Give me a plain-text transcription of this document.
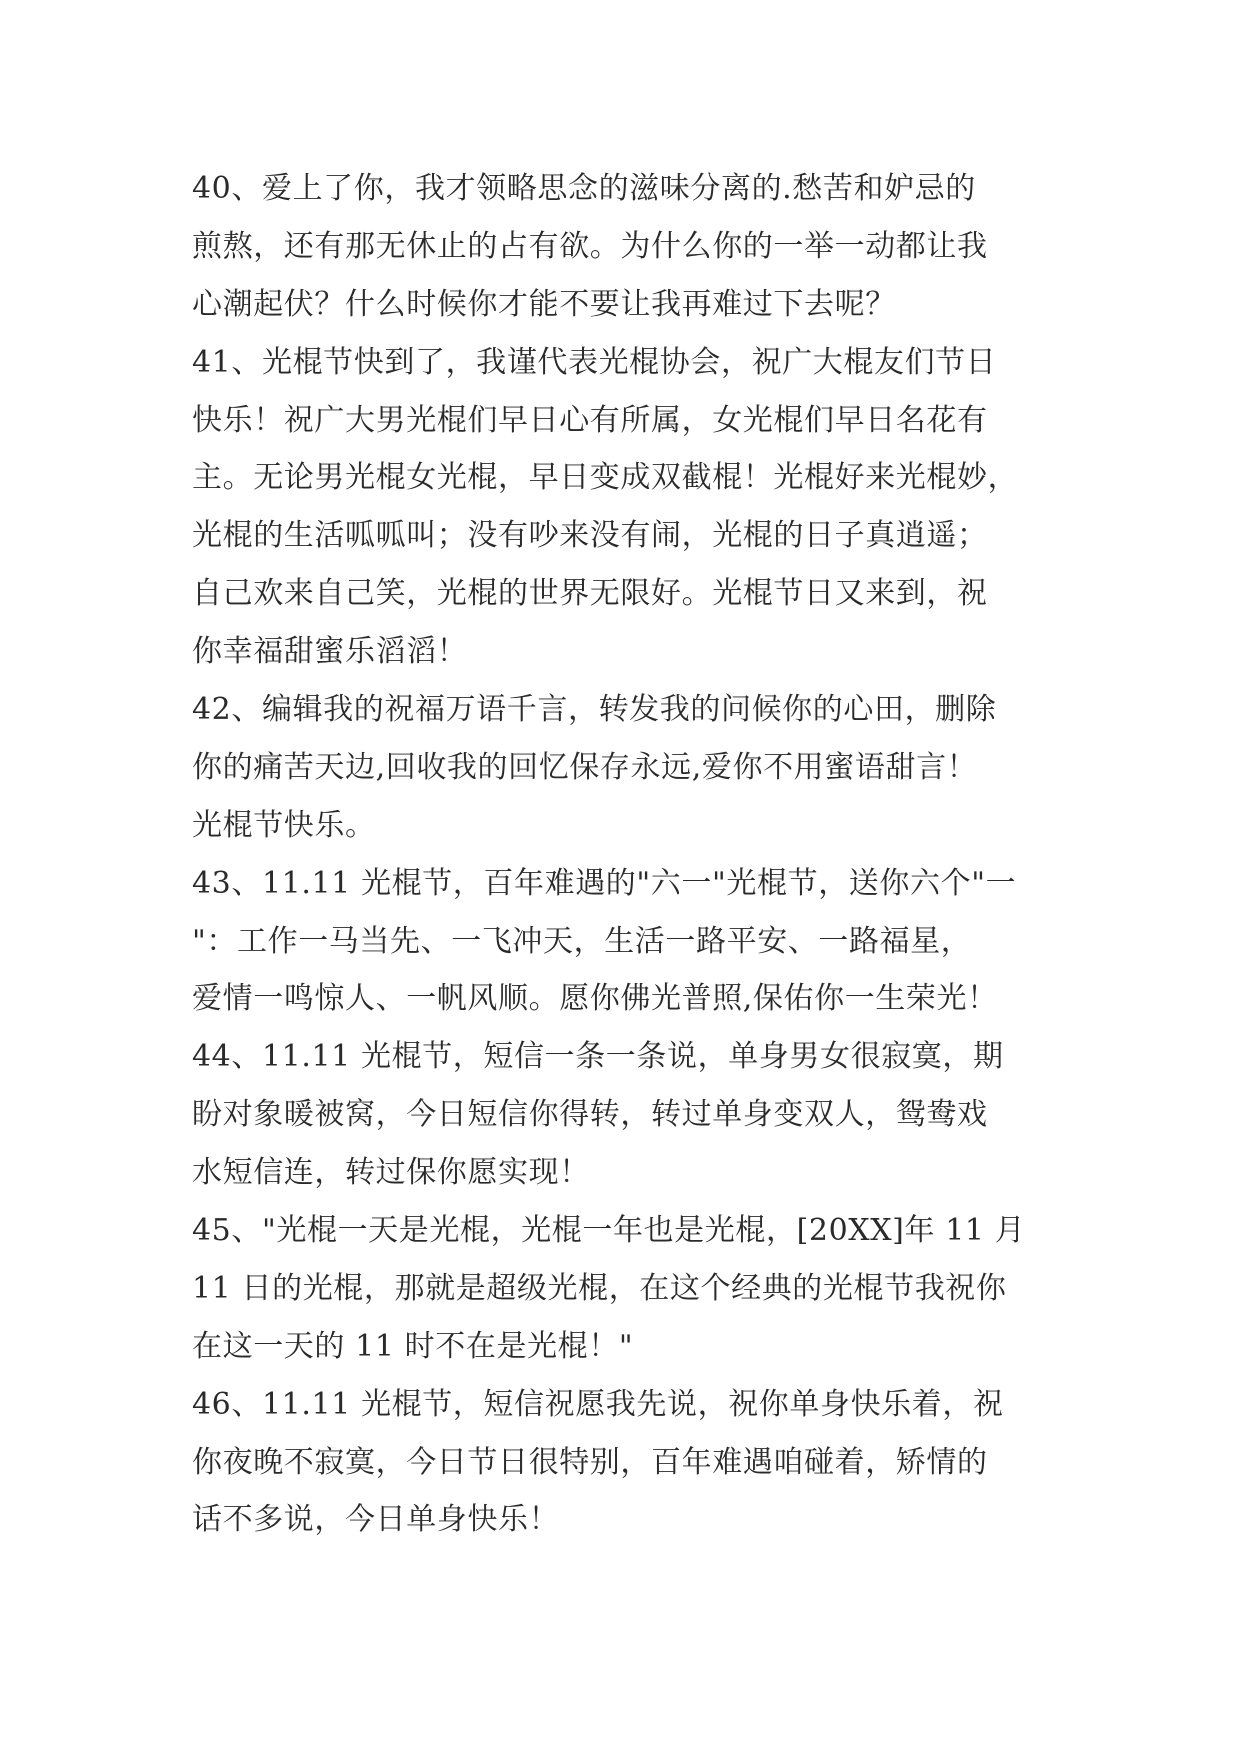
40、爱上了你，我才领略思念的滋味分离的.愁苦和妒忌的
煎熬，还有那无休止的占有欲。为什么你的一举一动都让我
心潮起伏？什么时候你才能不要让我再难过下去呢？
41、光棍节快到了，我谨代表光棍协会，祝广大棍友们节日
快乐！祝广大男光棍们早日心有所属，女光棍们早日名花有
主。无论男光棍女光棍，早日变成双截棍！光棍好来光棍妙，
光棍的生活呱呱叫；没有吵来没有闹，光棍的日子真逍遥；
自己欢来自己笑，光棍的世界无限好。光棍节日又来到，祝
你幸福甜蜜乐滔滔！
42、编辑我的祝福万语千言，转发我的问候你的心田，删除
你的痛苦天边,回收我的回忆保存永远,爱你不用蜜语甜言！
光棍节快乐。
43、11.11 光棍节，百年难遇的"六一"光棍节，送你六个"一
"：工作一马当先、一飞冲天，生活一路平安、一路福星，
爱情一鸣惊人、一帆风顺。愿你佛光普照,保佑你一生荣光！
44、11.11 光棍节，短信一条一条说，单身男女很寂寞，期
盼对象暖被窝，今日短信你得转，转过单身变双人，鸳鸯戏
水短信连，转过保你愿实现！
45、"光棍一天是光棍，光棍一年也是光棍，[20XX]年 11 月
11 日的光棍，那就是超级光棍，在这个经典的光棍节我祝你
在这一天的 11 时不在是光棍！"
46、11.11 光棍节，短信祝愿我先说，祝你单身快乐着，祝
你夜晚不寂寞，今日节日很特别，百年难遇咱碰着，矫情的
话不多说，今日单身快乐！
